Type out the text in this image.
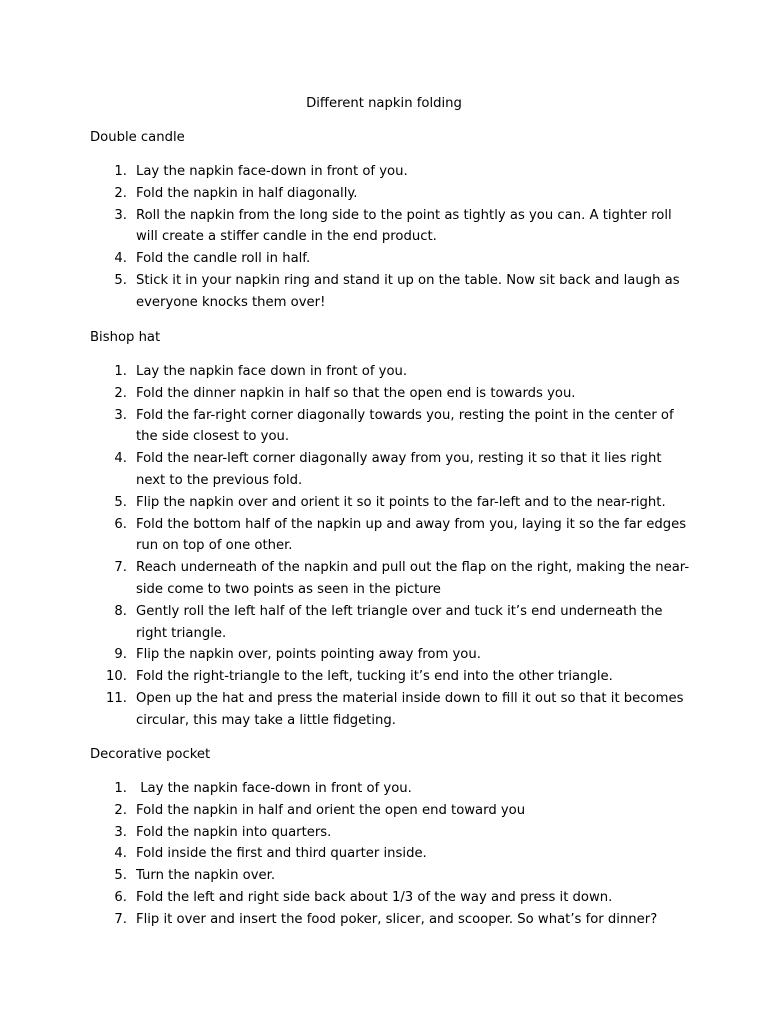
Different napkin folding
Double candle
1 .	Lay the napkin face-down in front of you.
2 .	Fold the napkin in half diagonally.
3 .	Roll the napkin from the long side to the point as tightly as you can. A tighter roll will create a stiffer candle in the end product.
4 .	Fold the candle roll in half.
5 .	Stick it in your napkin ring and stand it up on the table. Now sit back and laugh as everyone knocks them over!
Bishop hat
1 .	Lay the napkin face down in front of you.
2 .	Fold the dinner napkin in half so that the open end is towards you.
3 .	Fold the far-right corner diagonally towards you, resting the point in the center of the side closest to you.
4 .	Fold the near-left corner diagonally away from you, resting it so that it lies right next to the previous fold.
5 .	Flip the napkin over and orient it so it points to the far-left and to the near-right.
6 .	Fold the bottom half of the napkin up and away from you, laying it so the far edges run on top of one other.
7 .	Reach underneath of the napkin and pull out the flap on the right, making the near-side come to two points as seen in the picture
8 .	Gently roll the left half of the left triangle over and tuck it’s end underneath the right triangle.
9 .	Flip the napkin over, points pointing away from you.
10 .	Fold the right-triangle to the left, tucking it’s end into the other triangle.
11 .	Open up the hat and press the material inside down to fill it out so that it becomes circular, this may take a little fidgeting.
Decorative pocket
1 .	Lay the napkin face-down in front of you.
2 .	Fold the napkin in half and orient the open end toward you
3 .	Fold the napkin into quarters.
4 .	Fold inside the first and third quarter inside.
5 .	Turn the napkin over.
6 .	Fold the left and right side back about 1/3 of the way and press it down.
7 .	Flip it over and insert the food poker, slicer, and scooper. So what’s for dinner?
